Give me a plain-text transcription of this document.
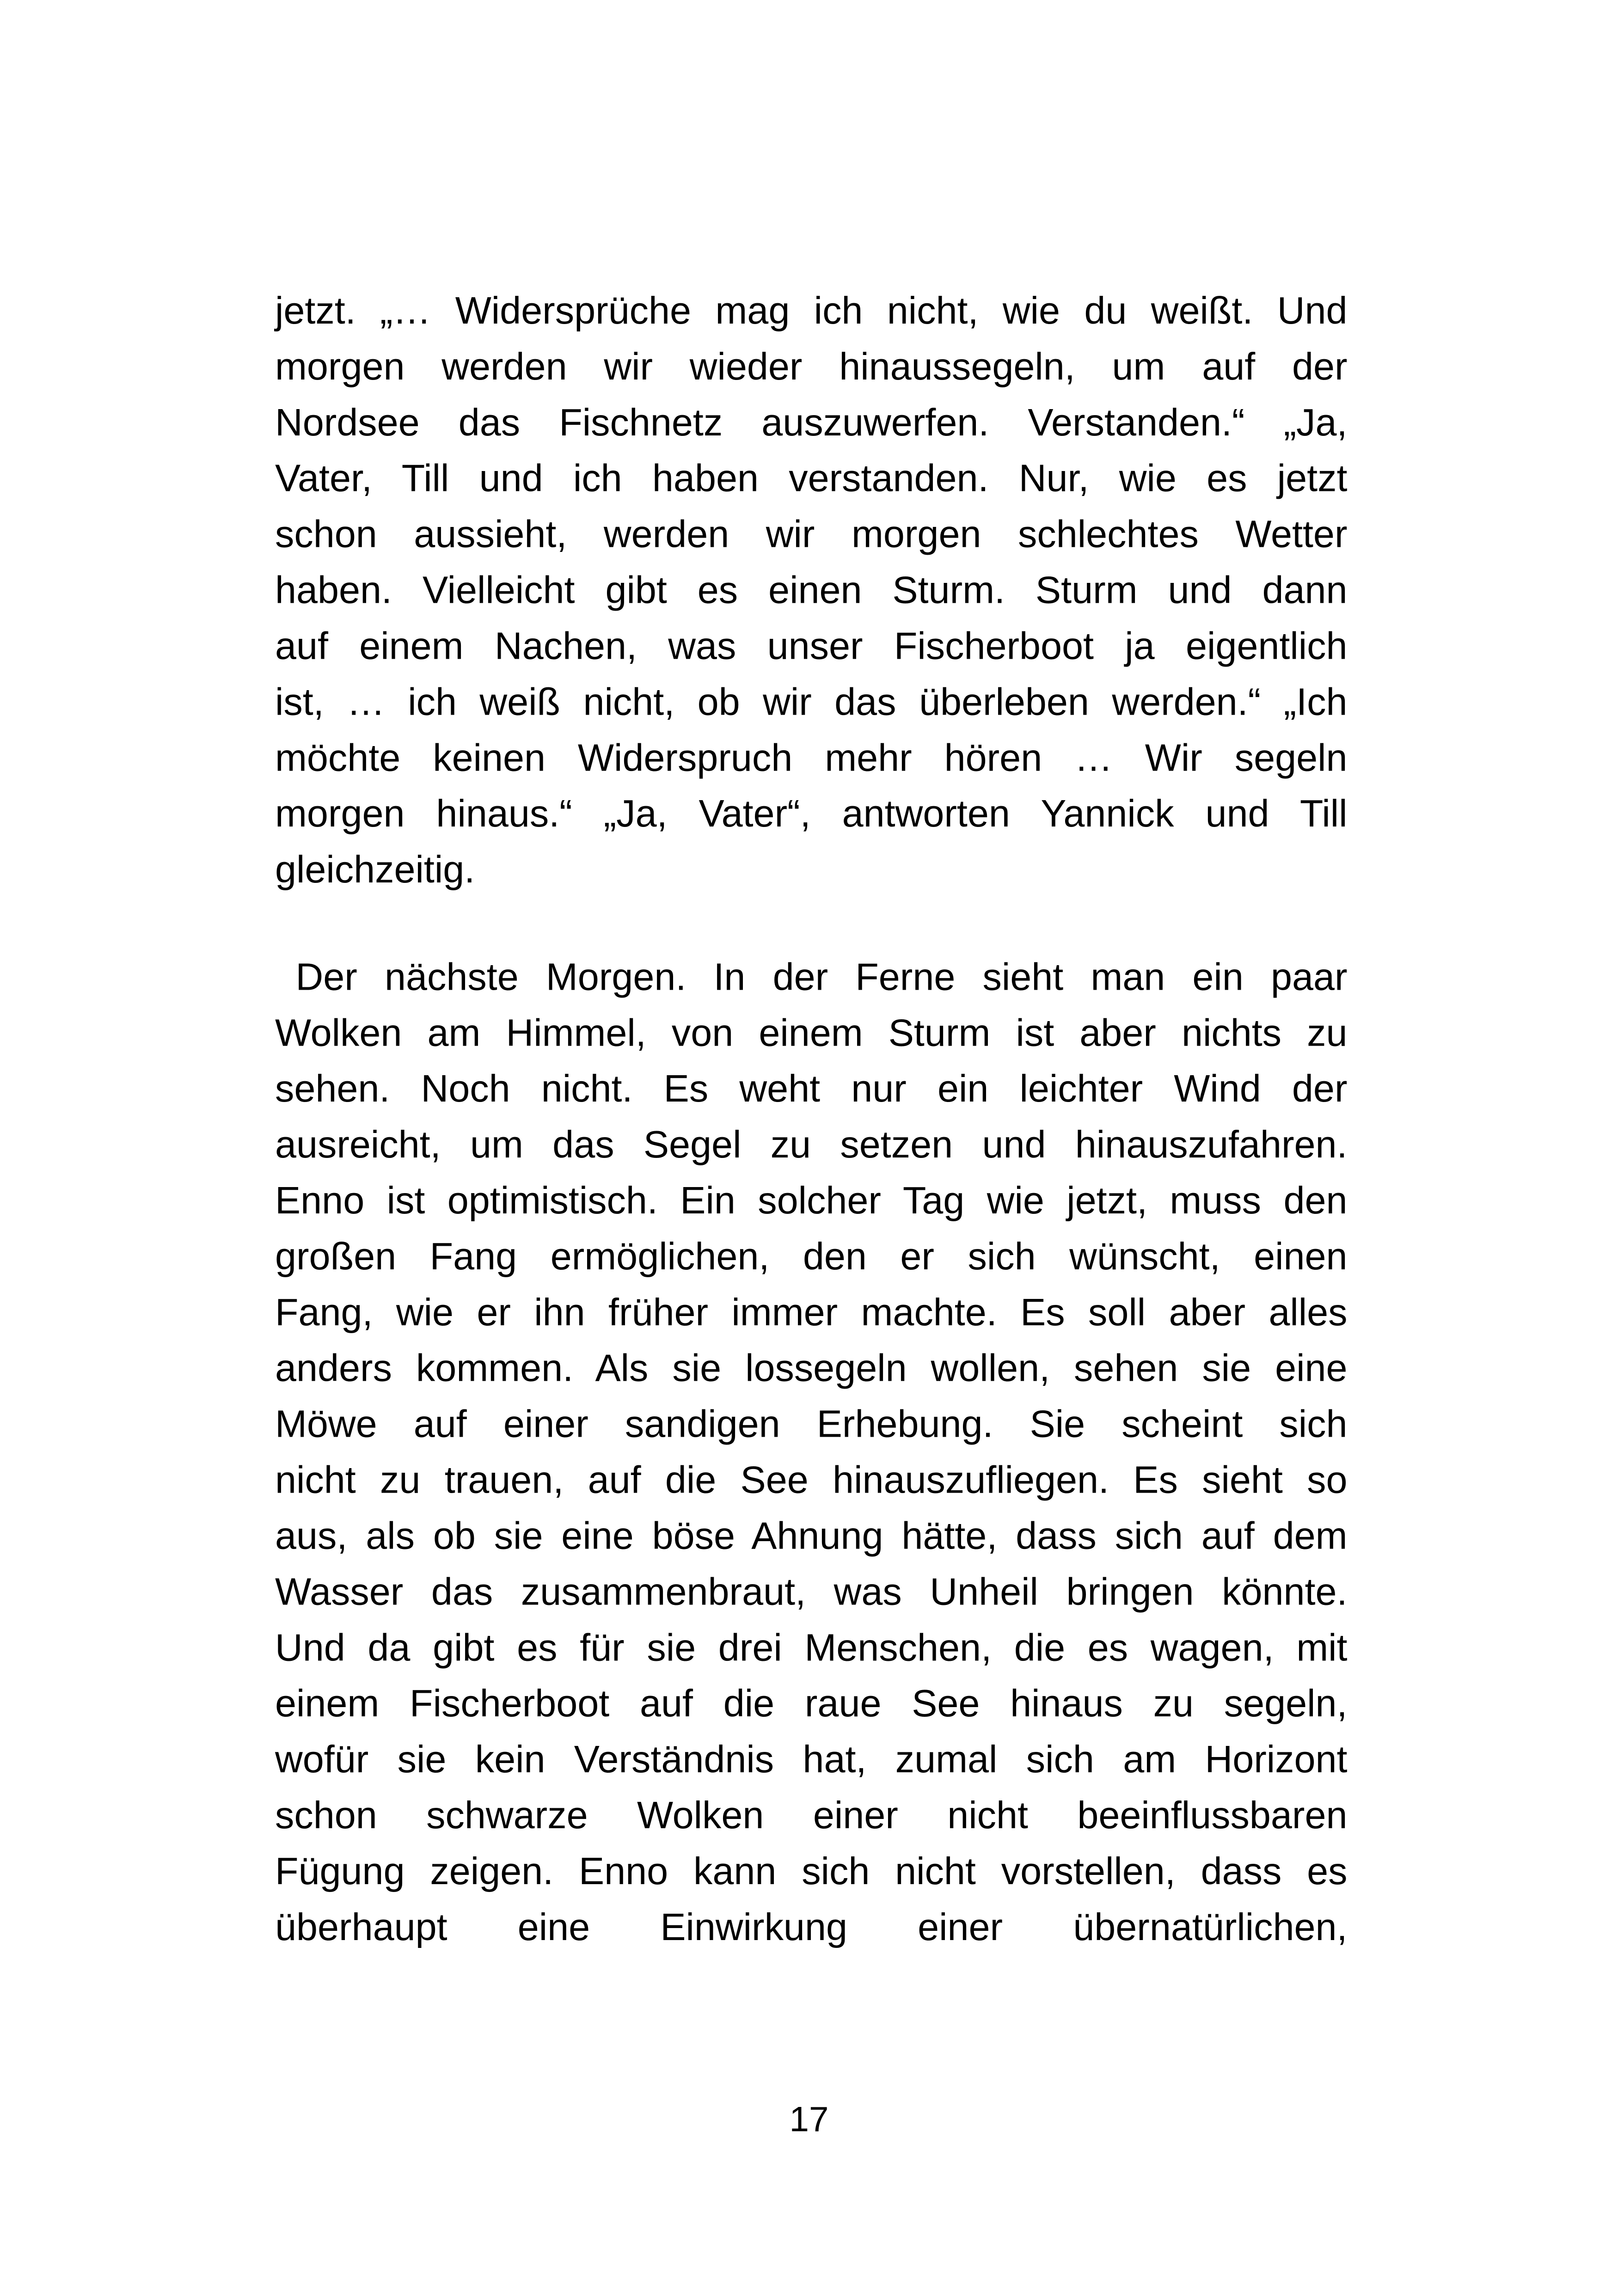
jetzt. „… Widersprüche mag ich nicht, wie du weißt. Und
morgen werden wir wieder hinaussegeln, um auf der
Nordsee das Fischnetz auszuwerfen. Verstanden.“ „Ja,
Vater, Till und ich haben verstanden. Nur, wie es jetzt
schon aussieht, werden wir morgen schlechtes Wetter
haben. Vielleicht gibt es einen Sturm. Sturm und dann
auf einem Nachen, was unser Fischerboot ja eigentlich
ist, … ich weiß nicht, ob wir das überleben werden.“ „Ich
möchte keinen Widerspruch mehr hören … Wir segeln
morgen hinaus.“ „Ja, Vater“, antworten Yannick und Till
gleichzeitig.
Der nächste Morgen. In der Ferne sieht man ein paar
Wolken am Himmel, von einem Sturm ist aber nichts zu
sehen. Noch nicht. Es weht nur ein leichter Wind der
ausreicht, um das Segel zu setzen und hinauszufahren.
Enno ist optimistisch. Ein solcher Tag wie jetzt, muss den
großen Fang ermöglichen, den er sich wünscht, einen
Fang, wie er ihn früher immer machte. Es soll aber alles
anders kommen. Als sie lossegeln wollen, sehen sie eine
Möwe auf einer sandigen Erhebung. Sie scheint sich
nicht zu trauen, auf die See hinauszufliegen. Es sieht so
aus, als ob sie eine böse Ahnung hätte, dass sich auf dem
Wasser das zusammenbraut, was Unheil bringen könnte.
Und da gibt es für sie drei Menschen, die es wagen, mit
einem Fischerboot auf die raue See hinaus zu segeln,
wofür sie kein Verständnis hat, zumal sich am Horizont
schon schwarze Wolken einer nicht beeinflussbaren
Fügung zeigen. Enno kann sich nicht vorstellen, dass es
überhaupt eine Einwirkung einer übernatürlichen,
17
